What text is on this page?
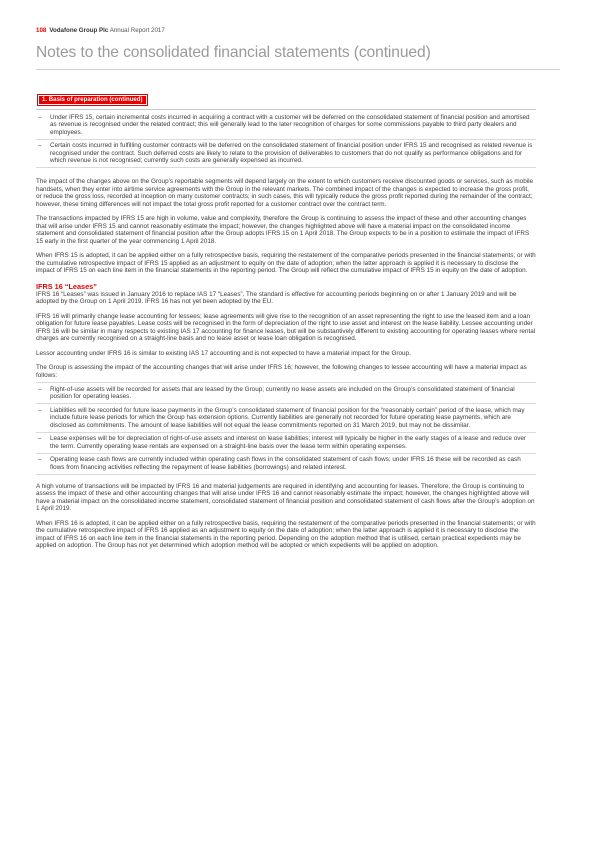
108 Vodafone Group Plc Annual Report 2017
Notes to the consolidated financial statements (continued)
1. Basis of preparation (continued)
–	Under IFRS 15, certain incremental costs incurred in acquiring a contract with a customer will be deferred on the consolidated statement of financial position and amortised as revenue is recognised under the related contract; this will generally lead to the later recognition of charges for some commissions payable to third party dealers and employees.
–	Certain costs incurred in fulfilling customer contracts will be deferred on the consolidated statement of financial position under IFRS 15 and recognised as related revenue is recognised under the contract. Such deferred costs are likely to relate to the provision of deliverables to customers that do not qualify as performance obligations and for which revenue is not recognised; currently such costs are generally expensed as incurred.

The impact of the changes above on the Group’s reportable segments will depend largely on the extent to which customers receive discounted goods or services, such as mobile handsets, when they enter into airtime service agreements with the Group in the relevant markets. The combined impact of the changes is expected to increase the gross profit, or reduce the gross loss, recorded at inception on many customer contracts; in such cases, this will typically reduce the gross profit reported during the remainder of the contract; however, these timing differences will not impact the total gross profit reported for a customer contract over the contract term.

The transactions impacted by IFRS 15 are high in volume, value and complexity, therefore the Group is continuing to assess the impact of these and other accounting changes that will arise under IFRS 15 and cannot reasonably estimate the impact; however, the changes highlighted above will have a material impact on the consolidated income statement and consolidated statement of financial position after the Group adopts IFRS 15 on 1 April 2018. The Group expects to be in a position to estimate the impact of IFRS 15 early in the first quarter of the year commencing 1 April 2018.

When IFRS 15 is adopted, it can be applied either on a fully retrospective basis, requiring the restatement of the comparative periods presented in the financial statements; or with the cumulative retrospective impact of IFRS 15 applied as an adjustment to equity on the date of adoption; when the latter approach is applied it is necessary to disclose the impact of IFRS 15 on each line item in the financial statements in the reporting period. The Group will reflect the cumulative impact of IFRS 15 in equity on the date of adoption.

IFRS 16 “Leases”

IFRS 16 “Leases” was issued in January 2016 to replace IAS 17 “Leases”. The standard is effective for accounting periods beginning on or after 1 January 2019 and will be adopted by the Group on 1 April 2019. IFRS 16 has not yet been adopted by the EU.

IFRS 16 will primarily change lease accounting for lessees; lease agreements will give rise to the recognition of an asset representing the right to use the leased item and a loan obligation for future lease payables. Lease costs will be recognised in the form of depreciation of the right to use asset and interest on the lease liability. Lessee accounting under IFRS 16 will be similar in many respects to existing IAS 17 accounting for finance leases, but will be substantively different to existing accounting for operating leases where rental charges are currently recognised on a straight-line basis and no lease asset or lease loan obligation is recognised.

Lessor accounting under IFRS 16 is similar to existing IAS 17 accounting and is not expected to have a material impact for the Group.

The Group is assessing the impact of the accounting changes that will arise under IFRS 16; however, the following changes to lessee accounting will have a material impact as follows:

–	Right-of-use assets will be recorded for assets that are leased by the Group; currently no lease assets are included on the Group’s consolidated statement of financial position for operating leases.
–	Liabilities will be recorded for future lease payments in the Group’s consolidated statement of financial position for the “reasonably certain” period of the lease, which may include future lease periods for which the Group has extension options. Currently liabilities are generally not recorded for future operating lease payments, which are disclosed as commitments. The amount of lease liabilities will not equal the lease commitments reported on 31 March 2019, but may not be dissimilar.
–	Lease expenses will be for depreciation of right-of-use assets and interest on lease liabilities; interest will typically be higher in the early stages of a lease and reduce over the term. Currently operating lease rentals are expensed on a straight-line basis over the lease term within operating expenses.
–	Operating lease cash flows are currently included within operating cash flows in the consolidated statement of cash flows; under IFRS 16 these will be recorded as cash flows from financing activities reflecting the repayment of lease liabilities (borrowings) and related interest.

A high volume of transactions will be impacted by IFRS 16 and material judgements are required in identifying and accounting for leases. Therefore, the Group is continuing to assess the impact of these and other accounting changes that will arise under IFRS 16 and cannot reasonably estimate the impact; however, the changes highlighted above will have a material impact on the consolidated income statement, consolidated statement of financial position and consolidated statement of cash flows after the Group’s adoption on 1 April 2019.

When IFRS 16 is adopted, it can be applied either on a fully retrospective basis, requiring the restatement of the comparative periods presented in the financial statements; or with the cumulative retrospective impact of IFRS 16 applied as an adjustment to equity on the date of adoption; when the latter approach is applied it is necessary to disclose the impact of IFRS 16 on each line item in the financial statements in the reporting period. Depending on the adoption method that is utilised, certain practical expedients may be applied on adoption. The Group has not yet determined which adoption method will be adopted or which expedients will be applied on adoption.
